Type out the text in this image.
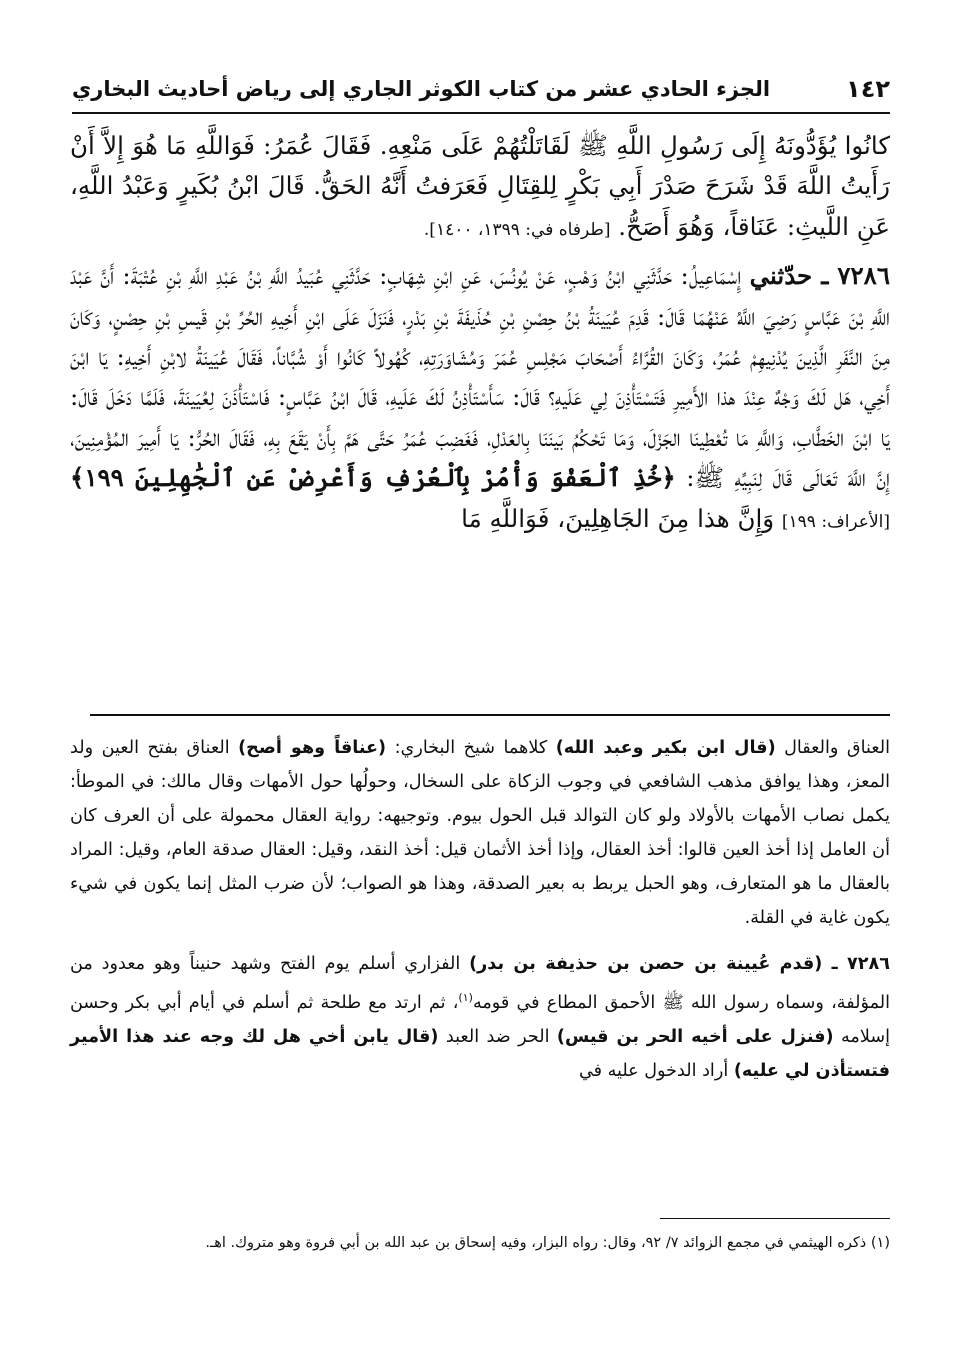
١٤٢
الجزء الحادي عشر من كتاب الكوثر الجاري إلى رياض أحاديث البخاري

كانُوا يُؤَدُّونَهُ إِلَى رَسُولِ اللَّهِ ﷺ لَقَاتَلْتُهُمْ عَلَى مَنْعِهِ. فَقَالَ عُمَرُ: فَوَاللَّهِ مَا هُوَ إِلاَّ أَنْ رَأَيتُ اللَّهَ قَدْ شَرَحَ صَدْرَ أَبِي بَكْرٍ لِلقِتَالِ فَعَرَفتُ أَنَّهُ الحَقُّ. قَالَ ابْنُ بُكَيرٍ وَعَبْدُ اللَّهِ، عَنِ اللَّيثِ: عَنَاقاً، وَهُوَ أَصَحُّ. [طرفاه في: ١٣٩٩، ١٤٠٠].

٧٢٨٦ ـ حدّثني إِسْمَاعِيلُ: حَدَّثَنِي ابْنُ وَهْبٍ، عَنْ يُونُسَ، عَنِ ابْنِ شِهَابٍ: حَدَّثَنِي عُبَيدُ اللَّهِ بْنُ عَبْدِ اللَّهِ بْنِ عُتْبَةَ: أَنَّ عَبْدَ اللَّهِ بْنَ عَبَّاسٍ رَضِيَ اللَّهُ عَنْهُمَا قَالَ: قَدِمَ عُيَينَةُ بْنُ حِصْنِ بْنِ حُذَيفَةَ بْنِ بَدْرٍ، فَنَزَلَ عَلَى ابْنِ أَخِيهِ الحُرِّ بْنِ قَيسِ بْنِ حِصْنٍ، وَكَانَ مِنَ النَّفَرِ الَّذِينَ يُدْنِيهِمْ عُمَرُ، وَكَانَ القُرَّاءُ أَصْحَابَ مَجْلِسِ عُمَرَ وَمُشَاوَرَتِهِ، كُهُولاً كَانُوا أَوْ شُبَّاناً، فَقَالَ عُيَينَةُ لابْنِ أَخِيهِ: يَا ابْنَ أَخِي، هَل لَكَ وَجْهٌ عِنْدَ هذا الأَمِيرِ فَتَسْتَأْذِنَ لِي عَلَيهِ؟ قَالَ: سَأَسْتَأْذِنُ لَكَ عَلَيهِ، قَالَ ابْنُ عَبَّاسٍ: فَاسْتَأْذَنَ لِعُيَينَةَ، فَلَمَّا دَخَلَ قَالَ: يَا ابْنَ الخَطَّابِ، وَاللَّهِ مَا تُعْطِينَا الجَزْلَ، وَمَا تَحْكُمُ بَينَنَا بِالعَدْلِ، فَغَضِبَ عُمَرُ حَتَّى هَمَّ بِأَنْ يَقَعَ بِهِ، فَقَالَ الحُرُّ: يَا أَمِيرَ المُؤْمِنِينَ، إِنَّ اللَّهَ تَعَالَى قَالَ لِنَبِيِّهِ ﷺ: ﴿خُذِ ٱلْعَفْوَ وَأْمُرْ بِٱلْعُرْفِ وَأَعْرِضْ عَنِ ٱلْجَٰهِلِينَ ١٩٩﴾ [الأعراف: ١٩٩] وَإِنَّ هذا مِنَ الجَاهِلِينَ، فَوَاللَّهِ مَا

العناق والعقال (قال ابن بكير وعبد الله) كلاهما شيخ البخاري: (عناقاً وهو أصح) العناق بفتح العين ولد المعز، وهذا يوافق مذهب الشافعي في وجوب الزكاة على السخال، وحولُها حول الأمهات وقال مالك: في الموطأ: يكمل نصاب الأمهات بالأولاد ولو كان التوالد قبل الحول بيوم. وتوجيهه: رواية العقال محمولة على أن العرف كان أن العامل إذا أخذ العين قالوا: أخذ العقال، وإذا أخذ الأثمان قيل: أخذ النقد، وقيل: العقال صدقة العام، وقيل: المراد بالعقال ما هو المتعارف، وهو الحبل يربط به بعير الصدقة، وهذا هو الصواب؛ لأن ضرب المثل إنما يكون في شيء يكون غاية في القلة.

٧٢٨٦ ـ (قدم عُيينة بن حصن بن حذيفة بن بدر) الفزاري أسلم يوم الفتح وشهد حنيناً وهو معدود من المؤلفة، وسماه رسول الله ﷺ الأحمق المطاع في قومه$^{(١)}$، ثم ارتد مع طلحة ثم أسلم في أيام أبي بكر وحسن إسلامه (فنزل على أخيه الحر بن قيس) الحر ضد العبد (قال يابن أخي هل لك وجه عند هذا الأمير فتستأذن لي عليه) أراد الدخول عليه في

(١) ذكره الهيثمي في مجمع الزوائد ٧/ ٩٢، وقال: رواه البزار، وفيه إسحاق بن عبد الله بن أبي فروة وهو متروك. اهـ.
